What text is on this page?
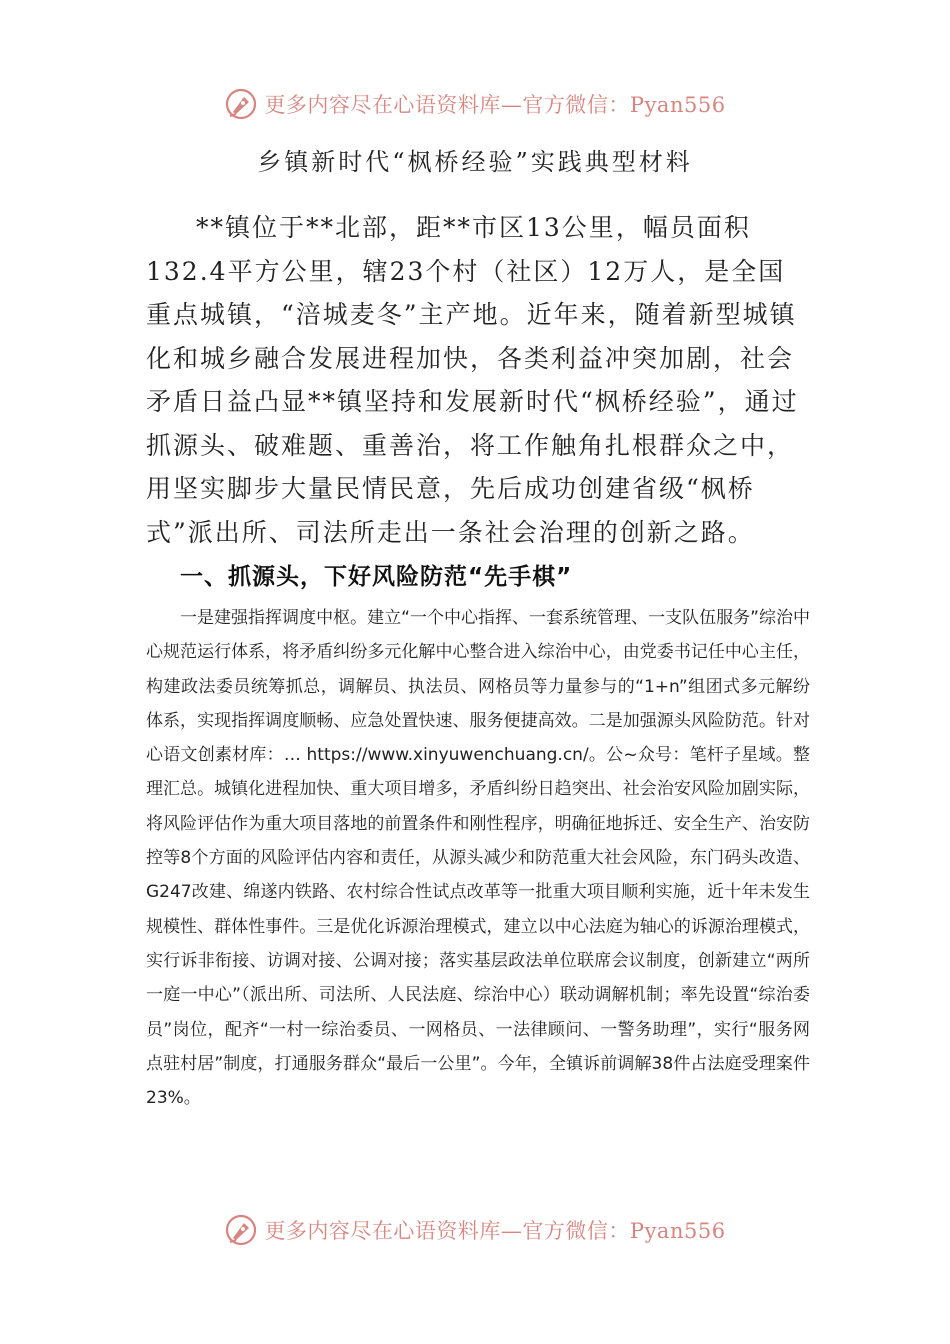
更多内容尽在心语资料库—官方微信：Pyan556
乡镇新时代“枫桥经验”实践典型材料

**镇位于**北部，距**市区13公里，幅员面积132.4平方公里，辖23个村（社区）12万人，是全国重点城镇，“涪城麦冬”主产地。近年来，随着新型城镇化和城乡融合发展进程加快，各类利益冲突加剧，社会矛盾日益凸显**镇坚持和发展新时代“枫桥经验”，通过抓源头、破难题、重善治，将工作触角扎根群众之中，用坚实脚步大量民情民意，先后成功创建省级“枫桥式”派出所、司法所走出一条社会治理的创新之路。

一、抓源头，下好风险防范“先手棋”

一是建强指挥调度中枢。建立“一个中心指挥、一套系统管理、一支队伍服务”综治中心规范运行体系，将矛盾纠纷多元化解中心整合进入综治中心，由党委书记任中心主任，构建政法委员统筹抓总，调解员、执法员、网格员等力量参与的“1+n”组团式多元解纷体系，实现指挥调度顺畅、应急处置快速、服务便捷高效。二是加强源头风险防范。针对心语文创素材库：… https://www.xinyuwenchuang.cn/。公~众号：笔杆子星域。整理汇总。城镇化进程加快、重大项目增多，矛盾纠纷日趋突出、社会治安风险加剧实际，将风险评估作为重大项目落地的前置条件和刚性程序，明确征地拆迁、安全生产、治安防控等8个方面的风险评估内容和责任，从源头减少和防范重大社会风险，东门码头改造、G247改建、绵遂内铁路、农村综合性试点改革等一批重大项目顺利实施，近十年未发生规模性、群体性事件。三是优化诉源治理模式，建立以中心法庭为轴心的诉源治理模式，实行诉非衔接、访调对接、公调对接；落实基层政法单位联席会议制度，创新建立“两所一庭一中心”（派出所、司法所、人民法庭、综治中心）联动调解机制；率先设置“综治委员”岗位，配齐“一村一综治委员、一网格员、一法律顾问、一警务助理”，实行“服务网点驻村居”制度，打通服务群众“最后一公里”。今年，全镇诉前调解38件占法庭受理案件23%。

更多内容尽在心语资料库—官方微信：Pyan556
